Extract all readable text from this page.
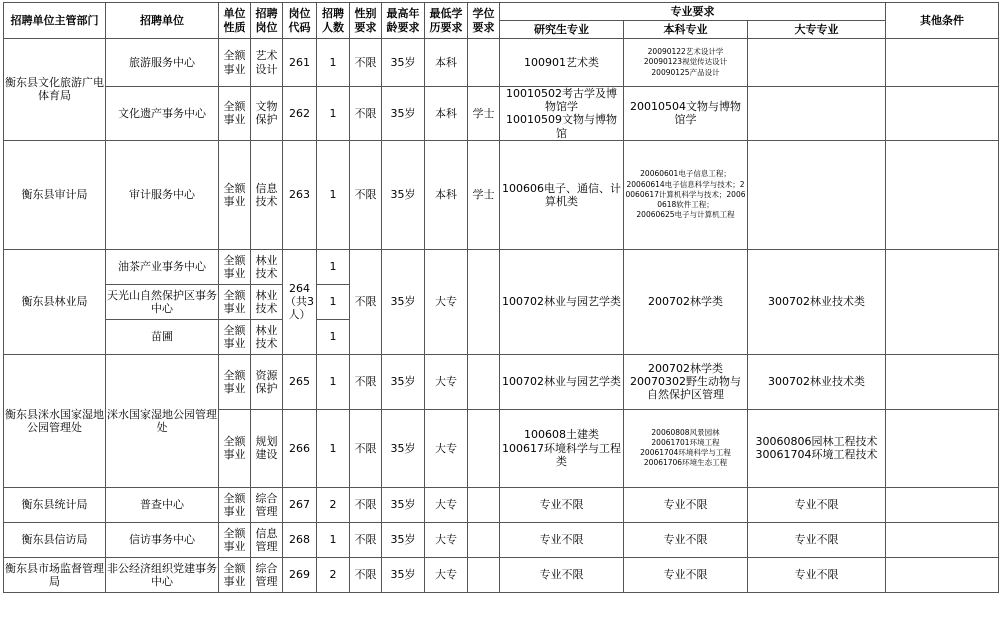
招聘单位主管部门	招聘单位	单位性质	招聘岗位	岗位代码	招聘人数	性别要求	最高年龄要求	最低学历要求	学位要求	专业要求			其他条件
										研究生专业	本科专业	大专专业	
衡东县文化旅游广电体育局	旅游服务中心	全额事业	艺术设计	261	1	不限	35岁	本科		100901艺术类	20090122艺术设计学
20090123视觉传达设计
20090125产品设计		
	文化遗产事务中心	全额事业	文物保护	262	1	不限	35岁	本科	学士	10010502考古学及博物馆学
10010509文物与博物馆	20010504文物与博物馆学		
衡东县审计局	审计服务中心	全额事业	信息技术	263	1	不限	35岁	本科	学士	100606电子、通信、计算机类	20060601电子信息工程；
20060614电子信息科学与技术；20060617计算机科学与技术；20060618软件工程；
20060625电子与计算机工程		
衡东县林业局	油茶产业事务中心	全额事业	林业技术	264（共3人）	1	不限	35岁	大专		100702林业与园艺学类	200702林学类	300702林业技术类	
	天光山自然保护区事务中心	全额事业	林业技术		1								
	苗圃	全额事业	林业技术		1								
衡东县洣水国家湿地公园管理处	洣水国家湿地公园管理处	全额事业	资源保护	265	1	不限	35岁	大专		100702林业与园艺学类	200702林学类
20070302野生动物与自然保护区管理	300702林业技术类	
		全额事业	规划建设	266	1	不限	35岁	大专		100608土建类
100617环境科学与工程类	20060808风景园林
20061701环境工程
20061704环境科学与工程
20061706环境生态工程	30060806园林工程技术
30061704环境工程技术	
衡东县统计局	普查中心	全额事业	综合管理	267	2	不限	35岁	大专		专业不限	专业不限	专业不限	
衡东县信访局	信访事务中心	全额事业	信息管理	268	1	不限	35岁	大专		专业不限	专业不限	专业不限	
衡东县市场监督管理局	非公经济组织党建事务中心	全额事业	综合管理	269	2	不限	35岁	大专		专业不限	专业不限	专业不限	
